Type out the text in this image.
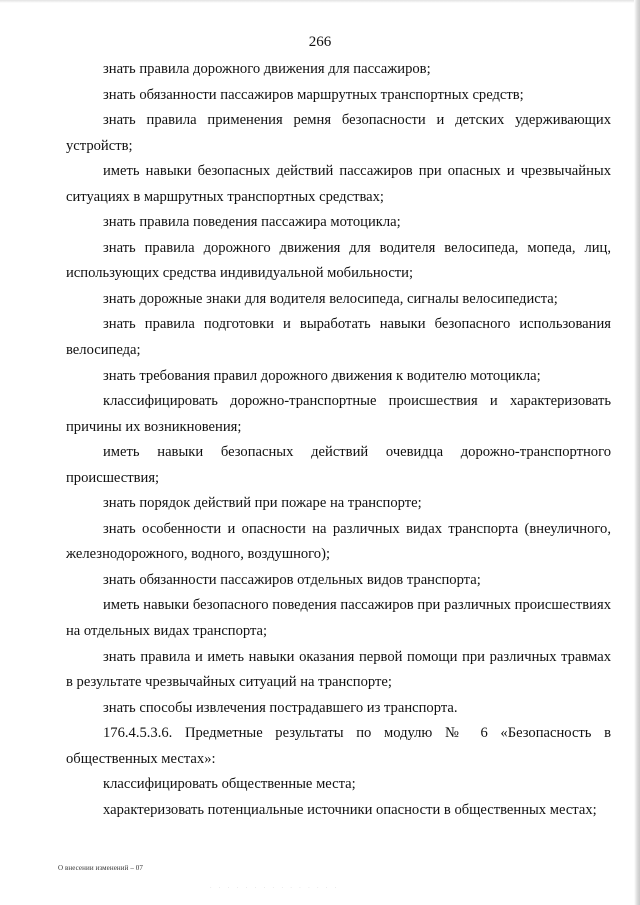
266

знать правила дорожного движения для пассажиров;

знать обязанности пассажиров маршрутных транспортных средств;

знать правила применения ремня безопасности и детских удерживающих устройств;

иметь навыки безопасных действий пассажиров при опасных и чрезвычайных ситуациях в маршрутных транспортных средствах;

знать правила поведения пассажира мотоцикла;

знать правила дорожного движения для водителя велосипеда, мопеда, лиц, использующих средства индивидуальной мобильности;

знать дорожные знаки для водителя велосипеда, сигналы велосипедиста;

знать правила подготовки и выработать навыки безопасного использования велосипеда;

знать требования правил дорожного движения к водителю мотоцикла;

классифицировать дорожно-транспортные происшествия и характеризовать причины их возникновения;

иметь навыки безопасных действий очевидца дорожно-транспортного происшествия;

знать порядок действий при пожаре на транспорте;

знать особенности и опасности на различных видах транспорта (внеуличного, железнодорожного, водного, воздушного);

знать обязанности пассажиров отдельных видов транспорта;

иметь навыки безопасного поведения пассажиров при различных происшествиях на отдельных видах транспорта;

знать правила и иметь навыки оказания первой помощи при различных травмах в результате чрезвычайных ситуаций на транспорте;

знать способы извлечения пострадавшего из транспорта.

176.4.5.3.6. Предметные результаты по модулю № 6 «Безопасность в общественных местах»:

классифицировать общественные места;

характеризовать потенциальные источники опасности в общественных местах;

О внесении изменений – 07
· · · · · · · · · · · · · · ·
